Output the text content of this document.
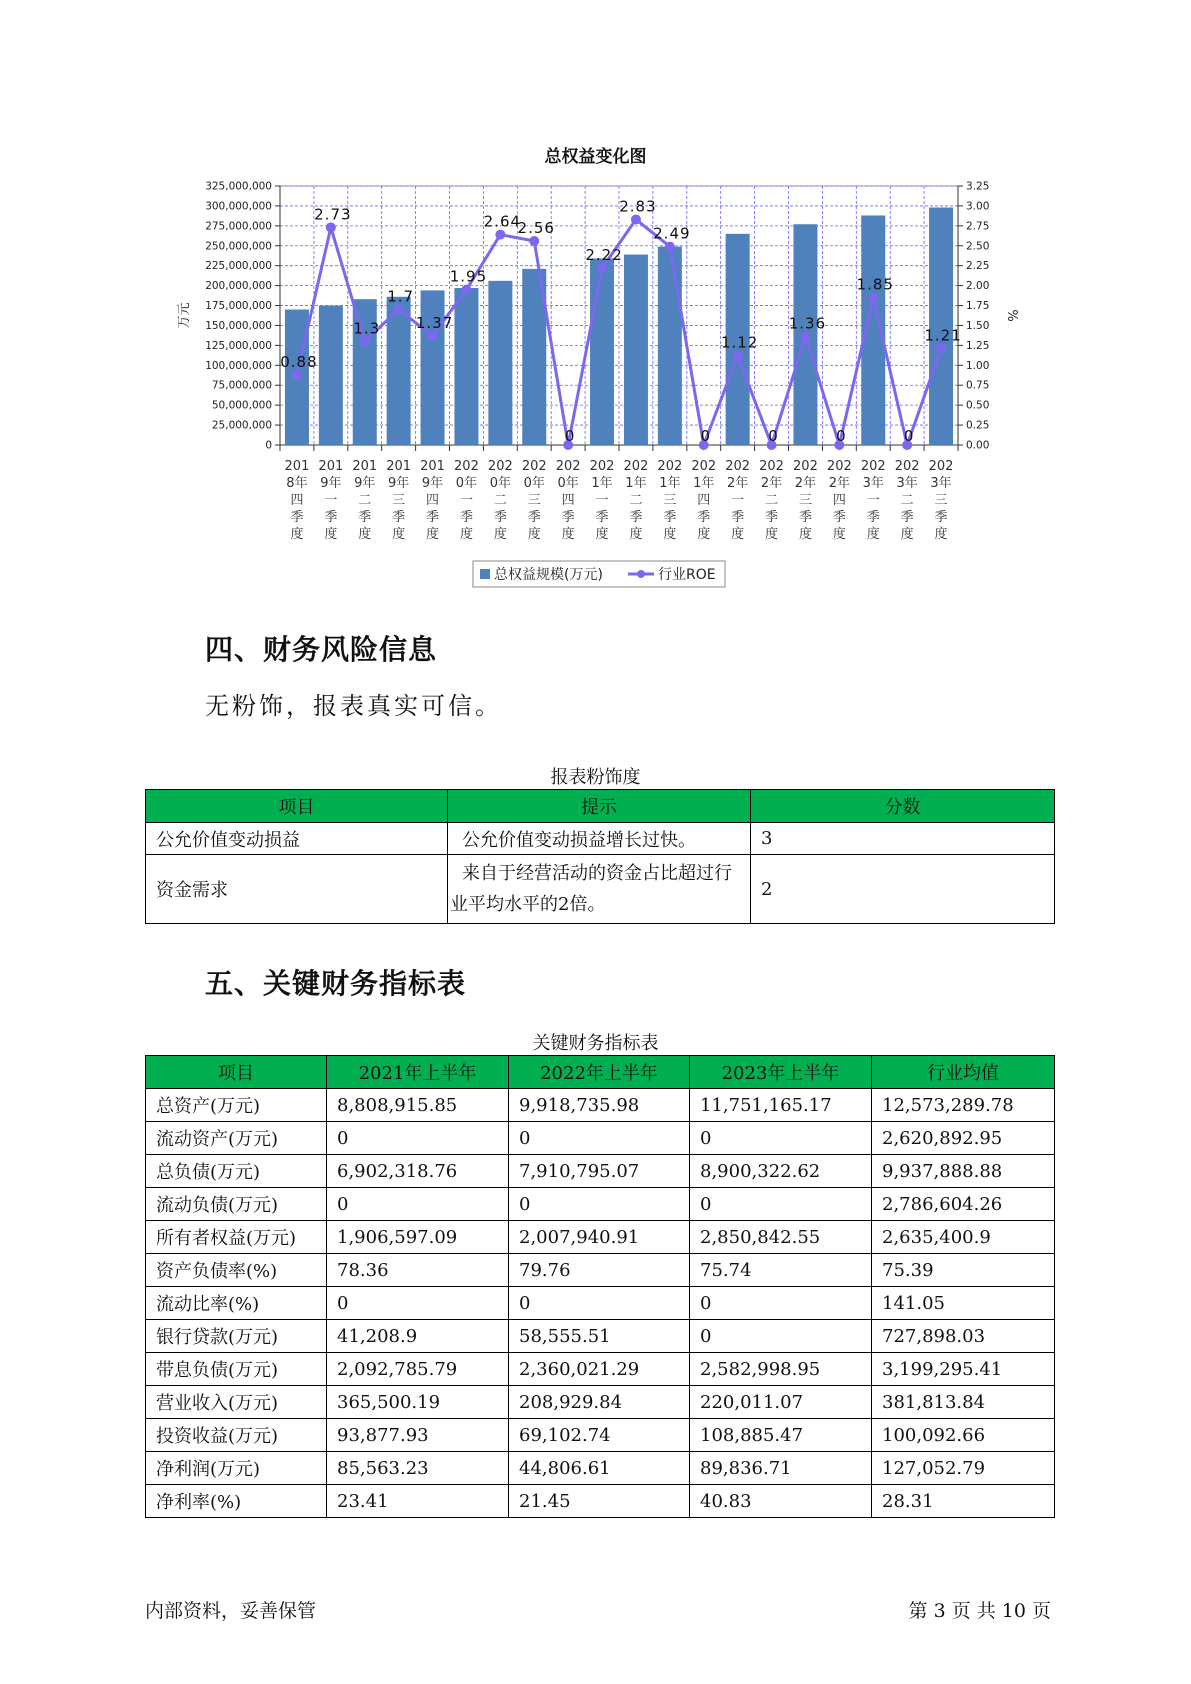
总权益变化图
0
25,000,000
50,000,000
75,000,000
100,000,000
125,000,000
150,000,000
175,000,000
200,000,000
225,000,000
250,000,000
275,000,000
300,000,000
325,000,000
0.00
0.25
0.50
0.75
1.00
1.25
1.50
1.75
2.00
2.25
2.50
2.75
3.00
3.25
万元	%
0.88
2.73
1.3
1.7
1.37
1.95
2.64
2.56
0
2.22
2.83
2.49
0
1.12
0
1.36
0
1.85
0
1.21
201
8年
四
季
度
201
9年
一
季
度
201
9年
二
季
度
201
9年
三
季
度
201
9年
四
季
度
202
0年
一
季
度
202
0年
二
季
度
202
0年
三
季
度
202
0年
四
季
度
202
1年
一
季
度
202
1年
二
季
度
202
1年
三
季
度
202
1年
四
季
度
202
2年
一
季
度
202
2年
二
季
度
202
2年
三
季
度
202
2年
四
季
度
202
3年
一
季
度
202
3年
二
季
度
202
3年
三
季
度
总权益规模(万元)	行业ROE
四、财务风险信息
无粉饰，报表真实可信。
报表粉饰度
项目	提示	分数
公允价值变动损益	公允价值变动损益增长过快。	3
资金需求	来自于经营活动的资金占比超过行业平均水平的2倍。	2
五、关键财务指标表
关键财务指标表
项目	2021年上半年	2022年上半年	2023年上半年	行业均值
总资产(万元)	8,808,915.85	9,918,735.98	11,751,165.17	12,573,289.78
流动资产(万元)	0	0	0	2,620,892.95
总负债(万元)	6,902,318.76	7,910,795.07	8,900,322.62	9,937,888.88
流动负债(万元)	0	0	0	2,786,604.26
所有者权益(万元)	1,906,597.09	2,007,940.91	2,850,842.55	2,635,400.9
资产负债率(%)	78.36	79.76	75.74	75.39
流动比率(%)	0	0	0	141.05
银行贷款(万元)	41,208.9	58,555.51	0	727,898.03
带息负债(万元)	2,092,785.79	2,360,021.29	2,582,998.95	3,199,295.41
营业收入(万元)	365,500.19	208,929.84	220,011.07	381,813.84
投资收益(万元)	93,877.93	69,102.74	108,885.47	100,092.66
净利润(万元)	85,563.23	44,806.61	89,836.71	127,052.79
净利率(%)	23.41	21.45	40.83	28.31
内部资料，妥善保管	第 3 页 共 10 页
